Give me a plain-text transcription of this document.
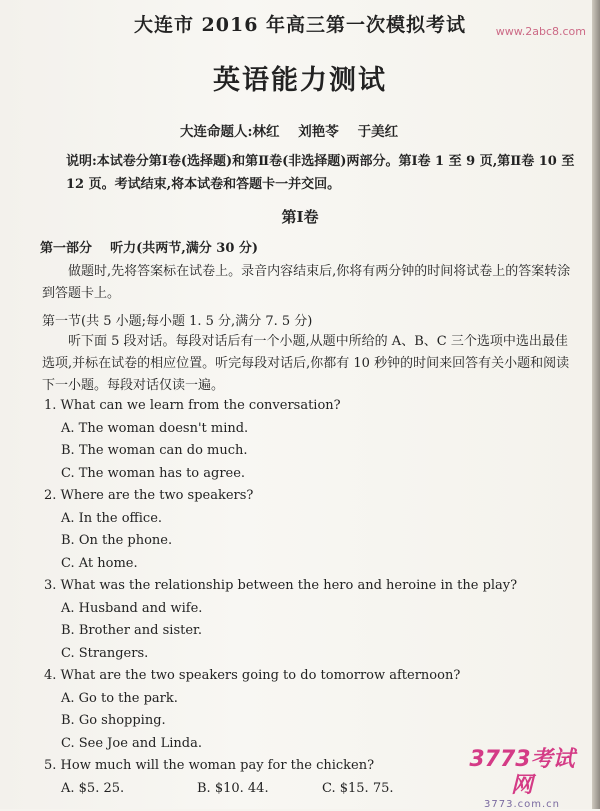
www.2abc8.com
大连市 2016 年高三第一次模拟考试
英语能力测试
大连命题人:林红    刘艳苓    于美红
说明:本试卷分第Ⅰ卷(选择题)和第Ⅱ卷(非选择题)两部分。第Ⅰ卷 1 至 9 页,第Ⅱ卷 10 至 12 页。考试结束,将本试卷和答题卡一并交回。
第Ⅰ卷
第一部分    听力(共两节,满分 30 分)
做题时,先将答案标在试卷上。录音内容结束后,你将有两分钟的时间将试卷上的答案转涂到答题卡上。
第一节(共 5 小题;每小题 1. 5 分,满分 7. 5 分)
听下面 5 段对话。每段对话后有一个小题,从题中所给的 A、B、C 三个选项中选出最佳选项,并标在试卷的相应位置。听完每段对话后,你都有 10 秒钟的时间来回答有关小题和阅读下一小题。每段对话仅读一遍。
1. What can we learn from the conversation?
A. The woman doesn't mind.
B. The woman can do much.
C. The woman has to agree.
2. Where are the two speakers?
A. In the office.
B. On the phone.
C. At home.
3. What was the relationship between the hero and heroine in the play?
A. Husband and wife.
B. Brother and sister.
C. Strangers.
4. What are the two speakers going to do tomorrow afternoon?
A. Go to the park.
B. Go shopping.
C. See Joe and Linda.
5. How much will the woman pay for the chicken?
A. $5. 25.	B. $10. 44.	C. $15. 75.
3773考试网
3773.com.cn
